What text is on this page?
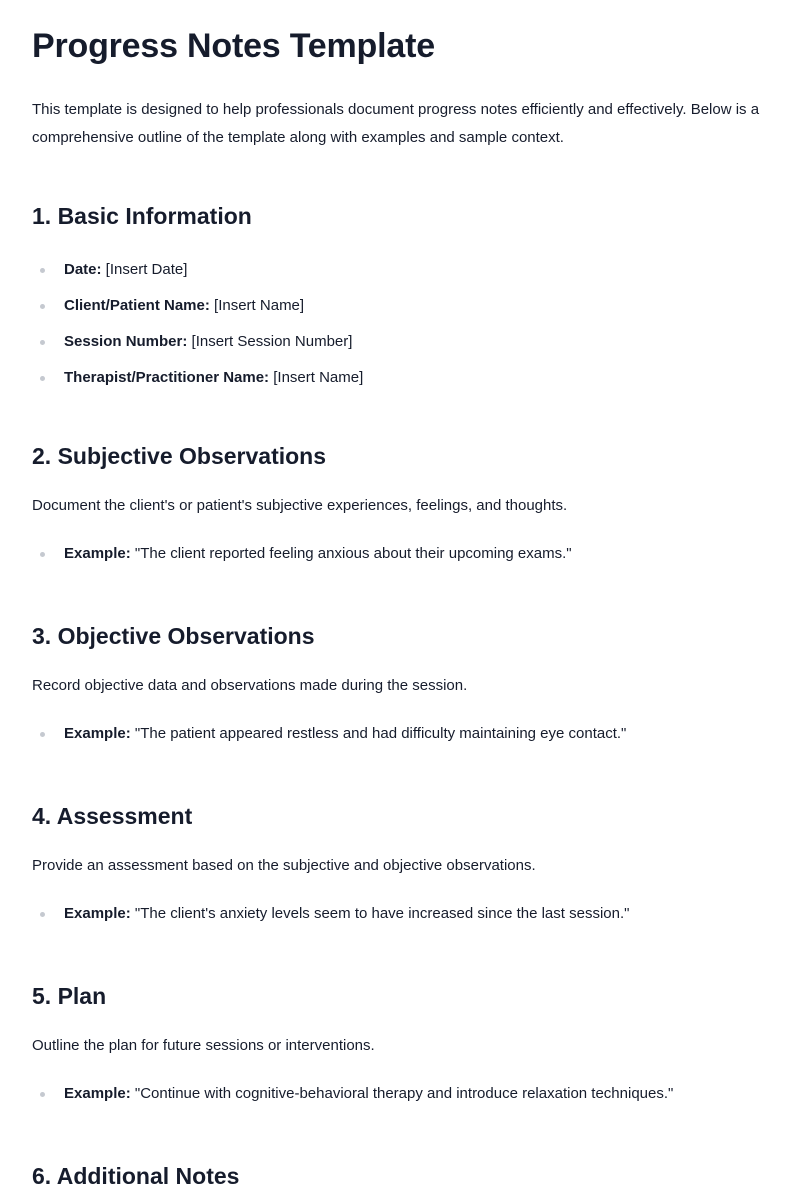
Progress Notes Template

This template is designed to help professionals document progress notes efficiently and effectively. Below is a comprehensive outline of the template along with examples and sample context.

1. Basic Information
Date: [Insert Date]
Client/Patient Name: [Insert Name]
Session Number: [Insert Session Number]
Therapist/Practitioner Name: [Insert Name]
2. Subjective Observations

Document the client's or patient's subjective experiences, feelings, and thoughts.

Example: "The client reported feeling anxious about their upcoming exams."
3. Objective Observations

Record objective data and observations made during the session.

Example: "The patient appeared restless and had difficulty maintaining eye contact."
4. Assessment

Provide an assessment based on the subjective and objective observations.

Example: "The client's anxiety levels seem to have increased since the last session."
5. Plan

Outline the plan for future sessions or interventions.

Example: "Continue with cognitive-behavioral therapy and introduce relaxation techniques."
6. Additional Notes
